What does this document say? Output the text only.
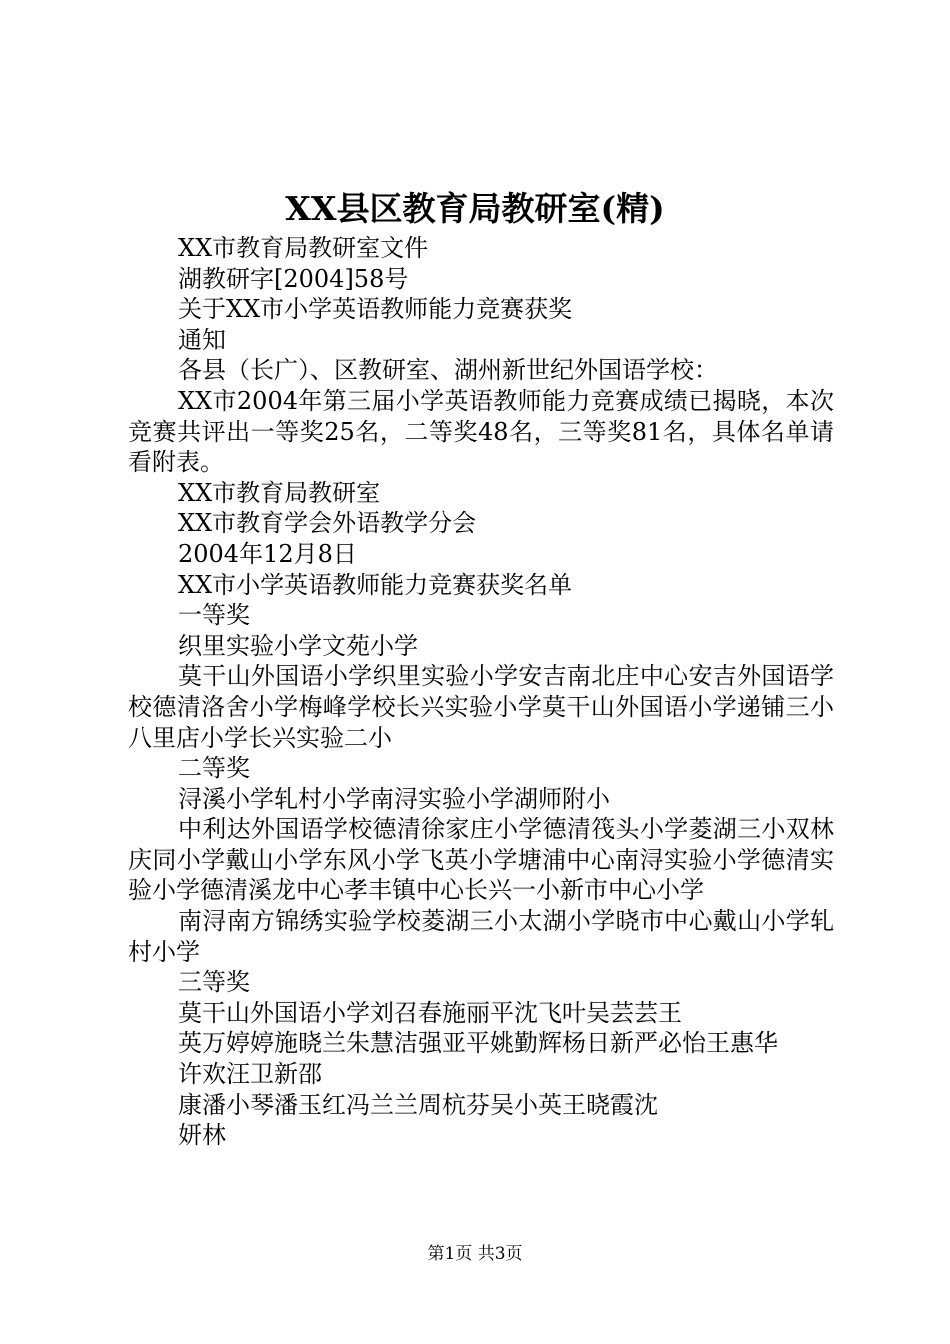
XX县区教育局教研室(精)

XX市教育局教研室文件

湖教研字[2004]58号

关于XX市小学英语教师能力竞赛获奖

通知

各县（长广）、区教研室、湖州新世纪外国语学校：

XX市2004年第三届小学英语教师能力竞赛成绩已揭晓，本次竞赛共评出一等奖25名，二等奖48名，三等奖81名，具体名单请看附表。

XX市教育局教研室

XX市教育学会外语教学分会

2004年12月8日

XX市小学英语教师能力竞赛获奖名单

一等奖

织里实验小学文苑小学

莫干山外国语小学织里实验小学安吉南北庄中心安吉外国语学校德清洛舍小学梅峰学校长兴实验小学莫干山外国语小学递铺三小八里店小学长兴实验二小

二等奖

浔溪小学轧村小学南浔实验小学湖师附小

中利达外国语学校德清徐家庄小学德清筏头小学菱湖三小双林庆同小学戴山小学东风小学飞英小学塘浦中心南浔实验小学德清实验小学德清溪龙中心孝丰镇中心长兴一小新市中心小学

南浔南方锦绣实验学校菱湖三小太湖小学晓市中心戴山小学轧村小学

三等奖

莫干山外国语小学刘召春施丽平沈飞叶吴芸芸王

英万婷婷施晓兰朱慧洁强亚平姚勤辉杨日新严必怡王惠华

许欢汪卫新邵

康潘小琴潘玉红冯兰兰周杭芬吴小英王晓霞沈

妍林

第1页 共3页
